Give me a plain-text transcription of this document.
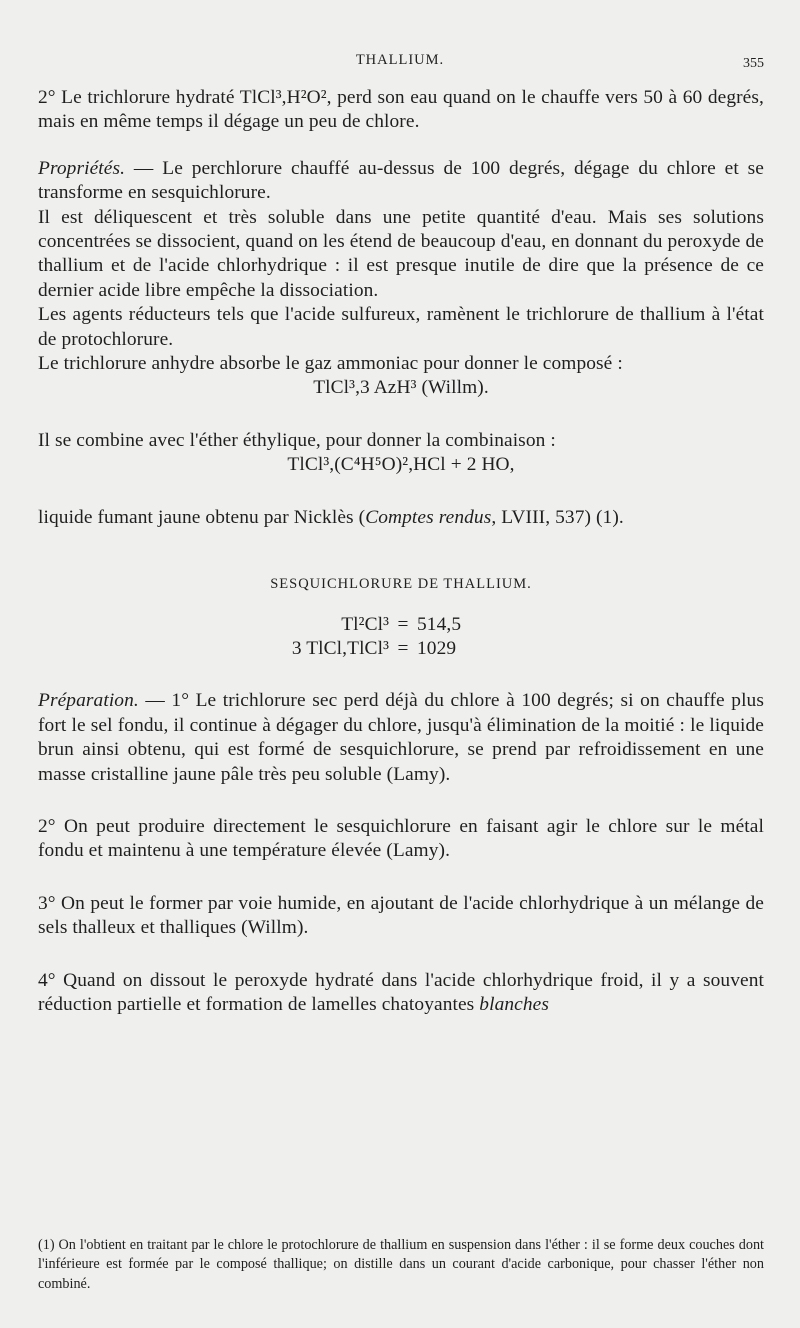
THALLIUM.	355

2° Le trichlorure hydraté TlCl³,H²O², perd son eau quand on le chauffe vers 50 à 60 degrés, mais en même temps il dégage un peu de chlore.

Propriétés. — Le perchlorure chauffé au-dessus de 100 degrés, dégage du chlore et se transforme en sesquichlorure.

Il est déliquescent et très soluble dans une petite quantité d'eau. Mais ses solutions concentrées se dissocient, quand on les étend de beaucoup d'eau, en donnant du peroxyde de thallium et de l'acide chlorhydrique : il est presque inutile de dire que la présence de ce dernier acide libre empêche la dissociation.

Les agents réducteurs tels que l'acide sulfureux, ramènent le trichlorure de thallium à l'état de protochlorure.

Le trichlorure anhydre absorbe le gaz ammoniac pour donner le composé :

TlCl³,3 AzH³ (Willm).

Il se combine avec l'éther éthylique, pour donner la combinaison :

TlCl³,(C⁴H⁵O)²,HCl + 2 HO,

liquide fumant jaune obtenu par Nicklès (Comptes rendus, LVIII, 537) (1).

SESQUICHLORURE DE THALLIUM.
Tl²Cl³ = 514,5
3 TlCl,TlCl³ = 1029

Préparation. — 1° Le trichlorure sec perd déjà du chlore à 100 degrés; si on chauffe plus fort le sel fondu, il continue à dégager du chlore, jusqu'à élimination de la moitié : le liquide brun ainsi obtenu, qui est formé de sesquichlorure, se prend par refroidissement en une masse cristalline jaune pâle très peu soluble (Lamy).

2° On peut produire directement le sesquichlorure en faisant agir le chlore sur le métal fondu et maintenu à une température élevée (Lamy).

3° On peut le former par voie humide, en ajoutant de l'acide chlorhydrique à un mélange de sels thalleux et thalliques (Willm).

4° Quand on dissout le peroxyde hydraté dans l'acide chlorhydrique froid, il y a souvent réduction partielle et formation de lamelles chatoyantes blanches

(1) On l'obtient en traitant par le chlore le protochlorure de thallium en suspension dans l'éther : il se forme deux couches dont l'inférieure est formée par le composé thallique; on distille dans un courant d'acide carbonique, pour chasser l'éther non combiné.
